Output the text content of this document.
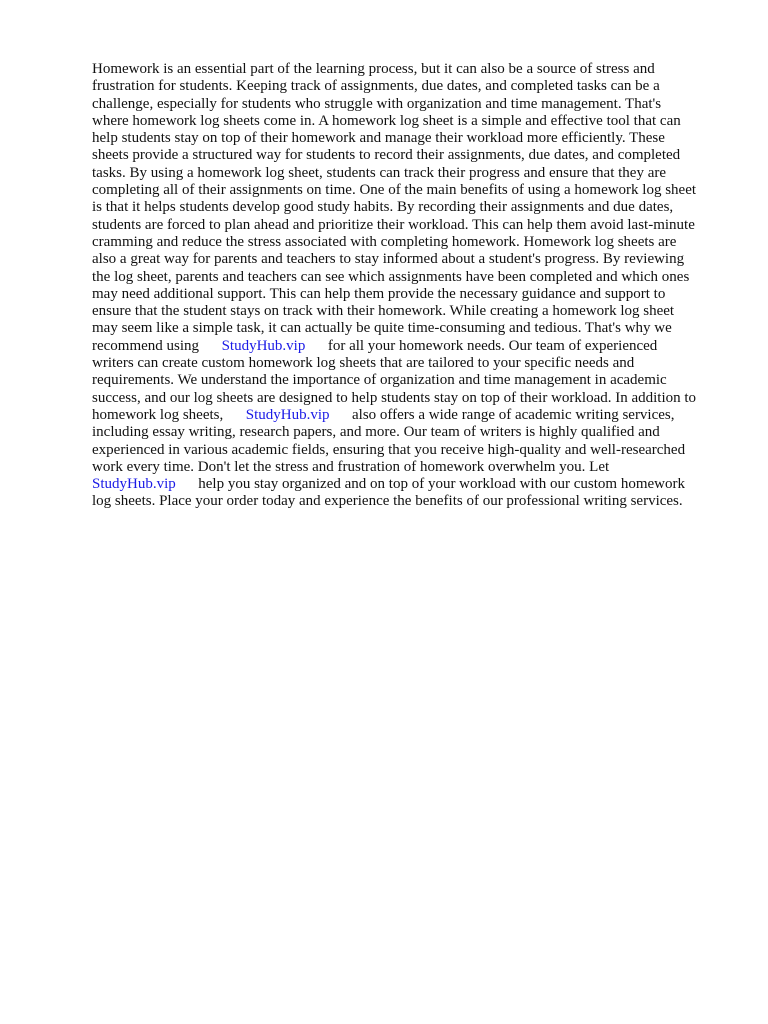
Homework is an essential part of the learning process, but it can also be a source of stress and
frustration for students. Keeping track of assignments, due dates, and completed tasks can be a
challenge, especially for students who struggle with organization and time management. That's
where homework log sheets come in. A homework log sheet is a simple and effective tool that can
help students stay on top of their homework and manage their workload more efficiently. These
sheets provide a structured way for students to record their assignments, due dates, and completed
tasks. By using a homework log sheet, students can track their progress and ensure that they are
completing all of their assignments on time. One of the main benefits of using a homework log sheet
is that it helps students develop good study habits. By recording their assignments and due dates,
students are forced to plan ahead and prioritize their workload. This can help them avoid last-minute
cramming and reduce the stress associated with completing homework. Homework log sheets are
also a great way for parents and teachers to stay informed about a student's progress. By reviewing
the log sheet, parents and teachers can see which assignments have been completed and which ones
may need additional support. This can help them provide the necessary guidance and support to
ensure that the student stays on track with their homework. While creating a homework log sheet
may seem like a simple task, it can actually be quite time-consuming and tedious. That's why we
recommend using      StudyHub.vip      for all your homework needs. Our team of experienced
writers can create custom homework log sheets that are tailored to your specific needs and
requirements. We understand the importance of organization and time management in academic
success, and our log sheets are designed to help students stay on top of their workload. In addition to
homework log sheets,      StudyHub.vip      also offers a wide range of academic writing services,
including essay writing, research papers, and more. Our team of writers is highly qualified and
experienced in various academic fields, ensuring that you receive high-quality and well-researched
work every time. Don't let the stress and frustration of homework overwhelm you. Let
StudyHub.vip      help you stay organized and on top of your workload with our custom homework
log sheets. Place your order today and experience the benefits of our professional writing services.
